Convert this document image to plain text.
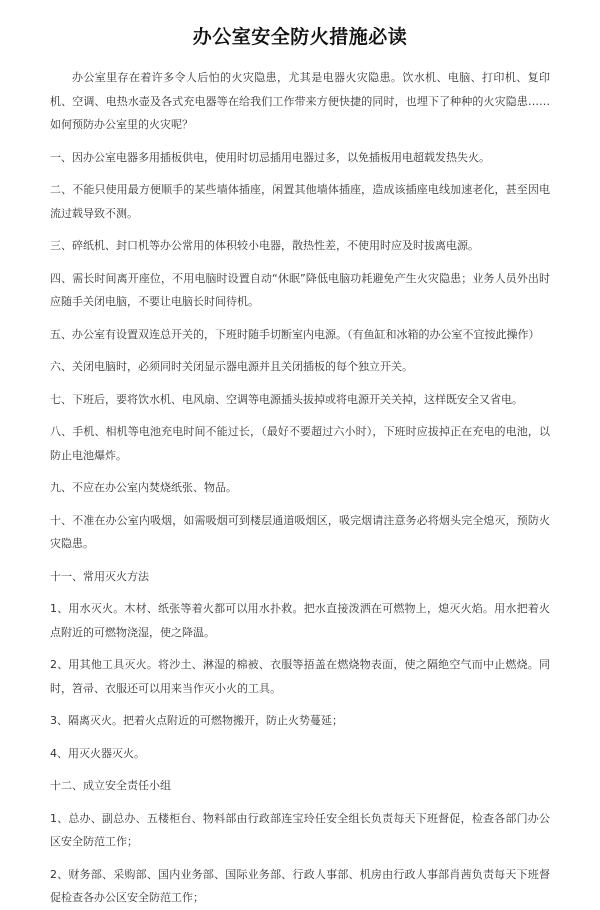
办公室安全防火措施必读

办公室里存在着许多令人后怕的火灾隐患，尤其是电器火灾隐患。饮水机、电脑、打印机、复印机、空调、电热水壶及各式充电器等在给我们工作带来方便快捷的同时，也埋下了种种的火灾隐患……如何预防办公室里的火灾呢？

一、因办公室电器多用插板供电，使用时切忌插用电器过多，以免插板用电超载发热失火。

二、不能只使用最方便顺手的某些墙体插座，闲置其他墙体插座，造成该插座电线加速老化，甚至因电流过载导致不测。

三、碎纸机、封口机等办公常用的体积较小电器，散热性差，不使用时应及时拔离电源。

四、需长时间离开座位，不用电脑时设置自动“休眠”降低电脑功耗避免产生火灾隐患；业务人员外出时应随手关闭电脑，不要让电脑长时间待机。

五、办公室有设置双连总开关的，下班时随手切断室内电源。（有鱼缸和冰箱的办公室不宜按此操作）

六、关闭电脑时，必须同时关闭显示器电源并且关闭插板的每个独立开关。

七、下班后，要将饮水机、电风扇、空调等电源插头拔掉或将电源开关关掉，这样既安全又省电。

八、手机、相机等电池充电时间不能过长，（最好不要超过六小时），下班时应拔掉正在充电的电池，以防止电池爆炸。

九、不应在办公室内焚烧纸张、物品。

十、不准在办公室内吸烟，如需吸烟可到楼层通道吸烟区，吸完烟请注意务必将烟头完全熄灭，预防火灾隐患。

十一、常用灭火方法

1、用水灭火。木材、纸张等着火都可以用水扑救。把水直接泼洒在可燃物上，熄灭火焰。用水把着火点附近的可燃物浇湿，使之降温。

2、用其他工具灭火。将沙土、淋湿的棉被、衣服等捂盖在燃烧物表面，使之隔绝空气而中止燃烧。同时，笤帚、衣服还可以用来当作灭小火的工具。

3、隔离灭火。把着火点附近的可燃物搬开，防止火势蔓延；

4、用灭火器灭火。

十二、成立安全责任小组

1、总办、副总办、五楼柜台、物料部由行政部连宝玲任安全组长负责每天下班督促，检查各部门办公区安全防范工作；

2、财务部、采购部、国内业务部、国际业务部、行政人事部、机房由行政人事部肖茜负责每天下班督促检查各办公区安全防范工作；
